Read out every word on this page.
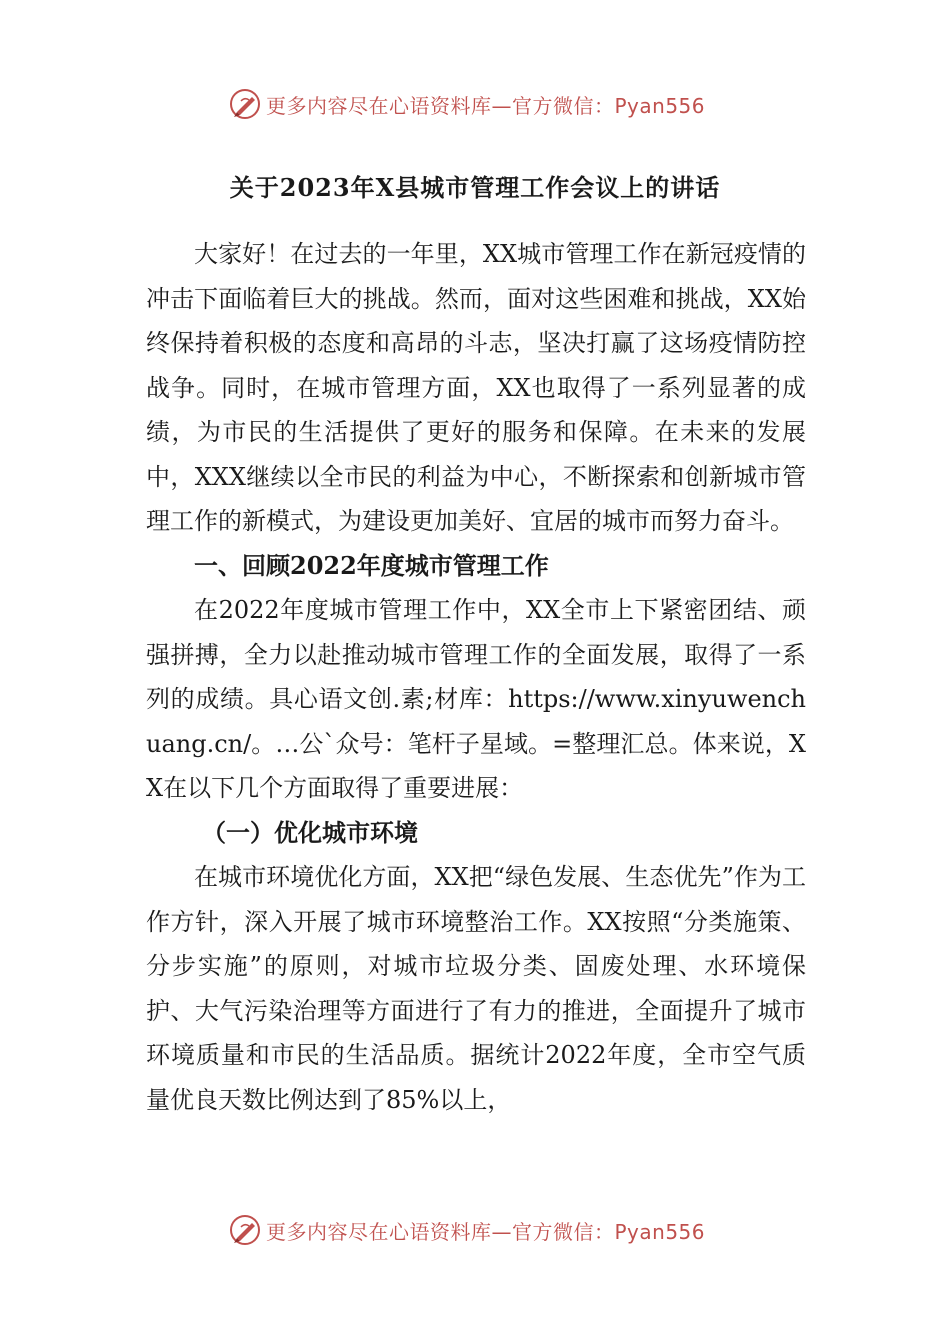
更多内容尽在心语资料库—官方微信：Pyan556
关于2023年X县城市管理工作会议上的讲话

大家好！在过去的一年里，XX城市管理工作在新冠疫情的冲击下面临着巨大的挑战。然而，面对这些困难和挑战，XX始终保持着积极的态度和高昂的斗志，坚决打赢了这场疫情防控战争。同时，在城市管理方面，XX也取得了一系列显著的成绩，为市民的生活提供了更好的服务和保障。在未来的发展中，XXX继续以全市民的利益为中心，不断探索和创新城市管理工作的新模式，为建设更加美好、宜居的城市而努力奋斗。

一、回顾2022年度城市管理工作

在2022年度城市管理工作中，XX全市上下紧密团结、顽强拼搏，全力以赴推动城市管理工作的全面发展，取得了一系列的成绩。具心语文创.素;材库：https://www.xinyuwenchuang.cn/。…公`众号：笔杆子星域。=整理汇总。体来说，XX在以下几个方面取得了重要进展：

（一）优化城市环境

在城市环境优化方面，XX把“绿色发展、生态优先”作为工作方针，深入开展了城市环境整治工作。XX按照“分类施策、分步实施”的原则，对城市垃圾分类、固废处理、水环境保护、大气污染治理等方面进行了有力的推进，全面提升了城市环境质量和市民的生活品质。据统计2022年度，全市空气质量优良天数比例达到了85%以上，

更多内容尽在心语资料库—官方微信：Pyan556
